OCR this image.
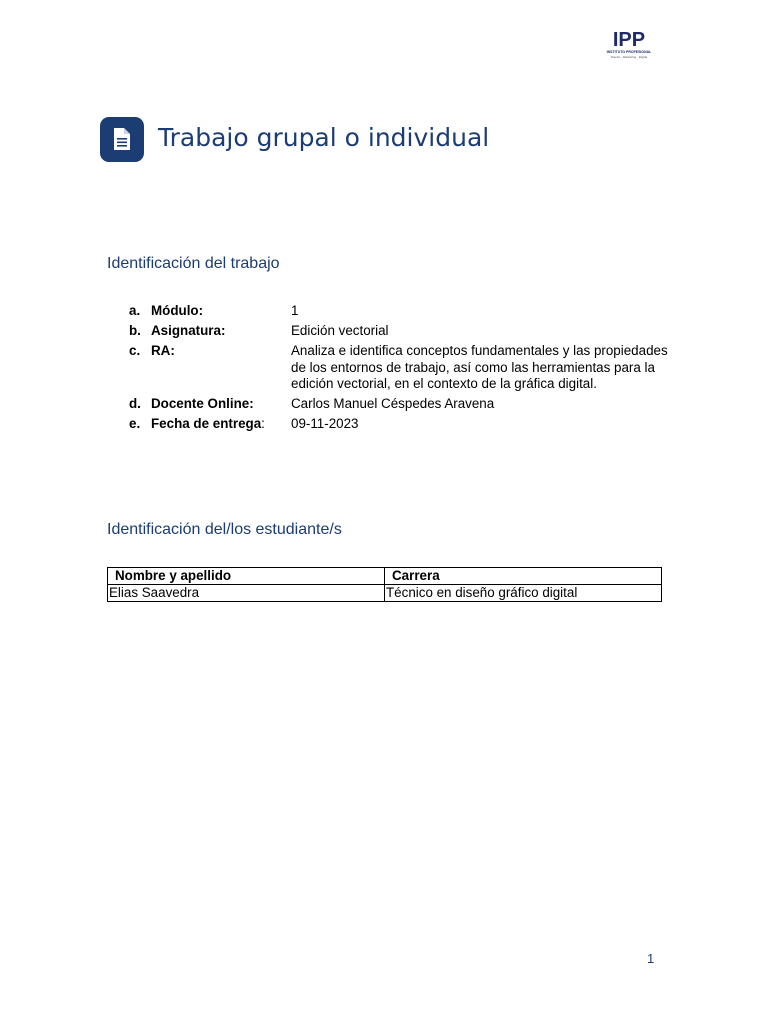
IPP
INSTITUTO PROFESIONAL
Diseño · Marketing · Digital
Trabajo grupal o individual
Identificación del trabajo
a. Módulo:	1
b. Asignatura:	Edición vectorial
c. RA:	Analiza e identifica conceptos fundamentales y las propiedades de los entornos de trabajo, así como las herramientas para la edición vectorial, en el contexto de la gráfica digital.
d. Docente Online:	Carlos Manuel Céspedes Aravena
e. Fecha de entrega: 09-11-2023
Identificación del/los estudiante/s
Nombre y apellido	Carrera
Elias Saavedra	Técnico en diseño gráfico digital
1
